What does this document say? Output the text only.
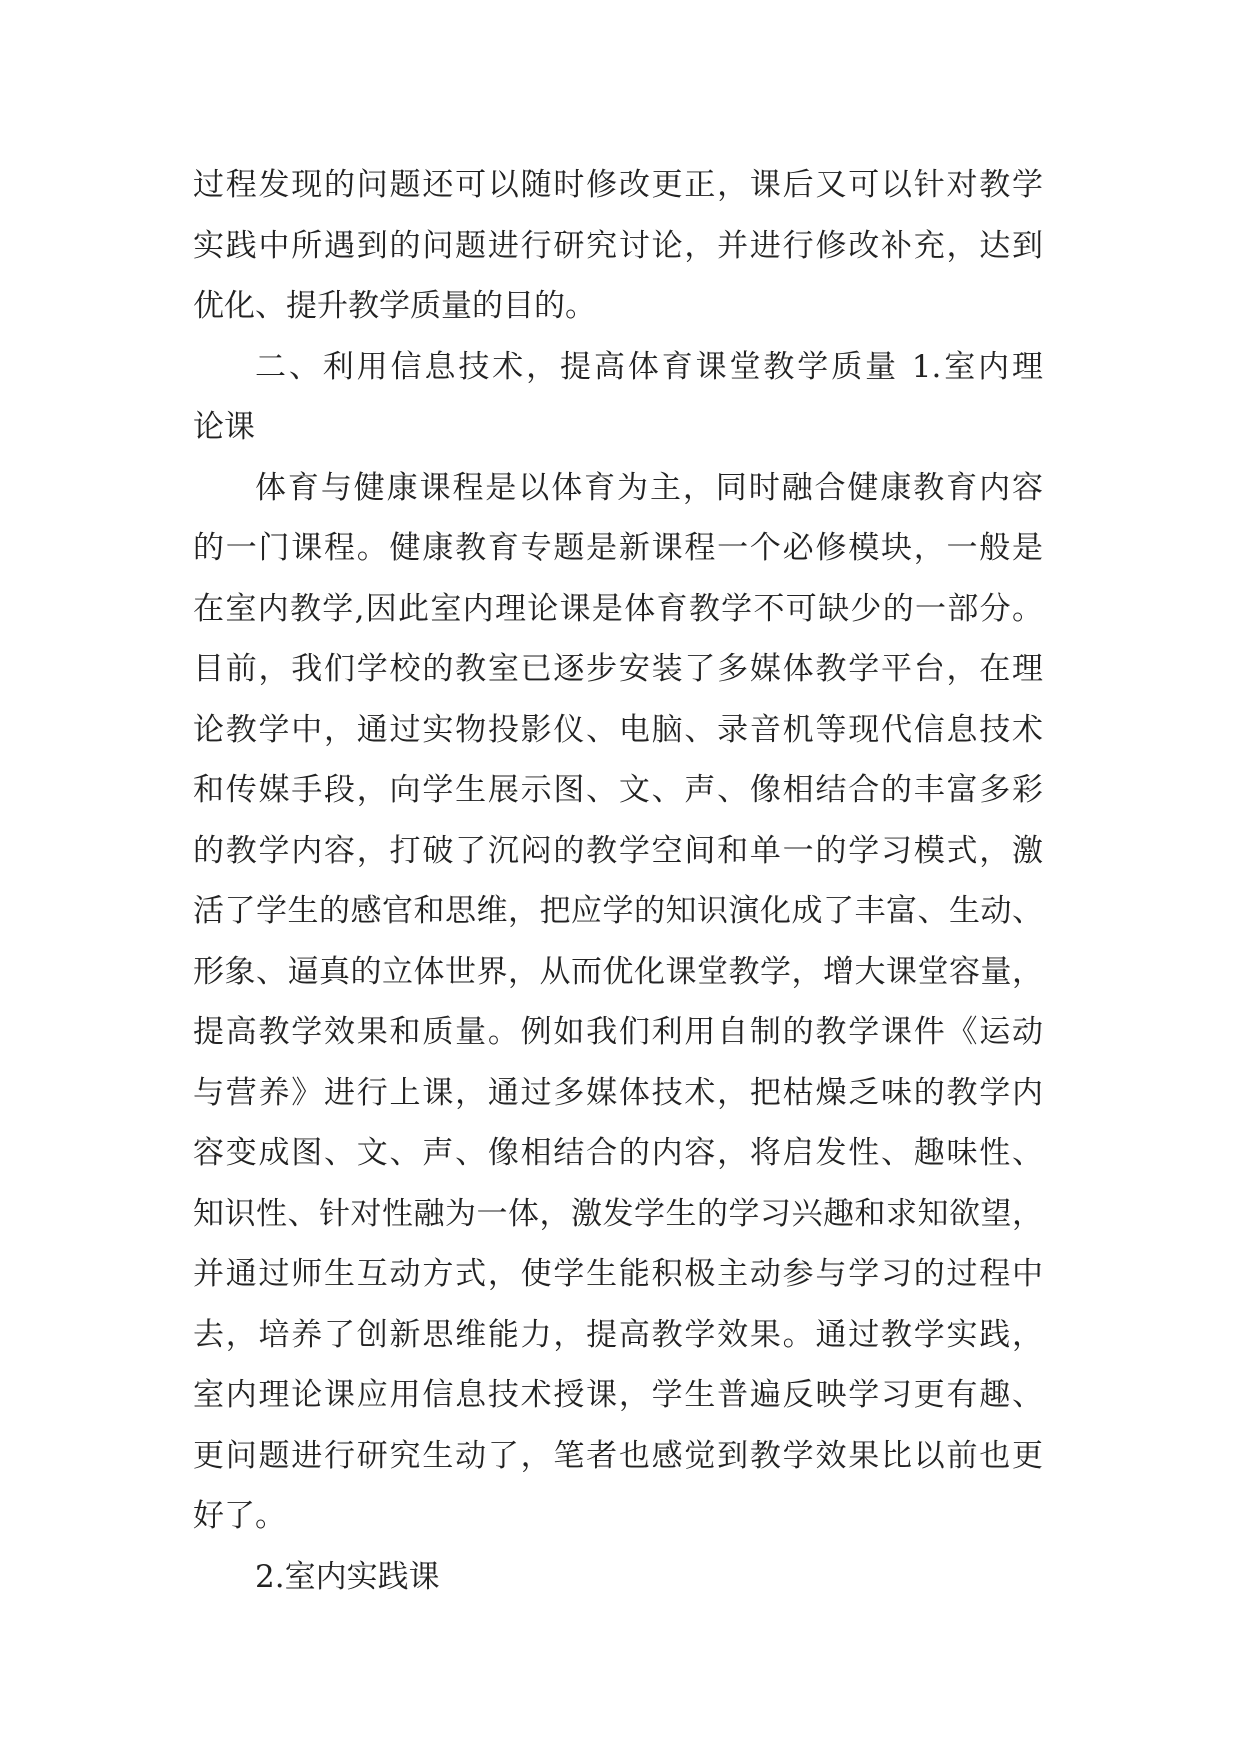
过程发现的问题还可以随时修改更正，课后又可以针对教学
实践中所遇到的问题进行研究讨论，并进行修改补充，达到
优化、提升教学质量的目的。
二、利用信息技术，提高体育课堂教学质量 1.室内理
论课
体育与健康课程是以体育为主，同时融合健康教育内容
的一门课程。健康教育专题是新课程一个必修模块，一般是
在室内教学,因此室内理论课是体育教学不可缺少的一部分。
目前，我们学校的教室已逐步安装了多媒体教学平台，在理
论教学中，通过实物投影仪、电脑、录音机等现代信息技术
和传媒手段，向学生展示图、文、声、像相结合的丰富多彩
的教学内容，打破了沉闷的教学空间和单一的学习模式，激
活了学生的感官和思维，把应学的知识演化成了丰富、生动、
形象、逼真的立体世界，从而优化课堂教学，增大课堂容量，
提高教学效果和质量。例如我们利用自制的教学课件《运动
与营养》进行上课，通过多媒体技术，把枯燥乏味的教学内
容变成图、文、声、像相结合的内容，将启发性、趣味性、
知识性、针对性融为一体，激发学生的学习兴趣和求知欲望，
并通过师生互动方式，使学生能积极主动参与学习的过程中
去，培养了创新思维能力，提高教学效果。通过教学实践，
室内理论课应用信息技术授课，学生普遍反映学习更有趣、
更问题进行研究生动了，笔者也感觉到教学效果比以前也更
好了。
2.室内实践课
